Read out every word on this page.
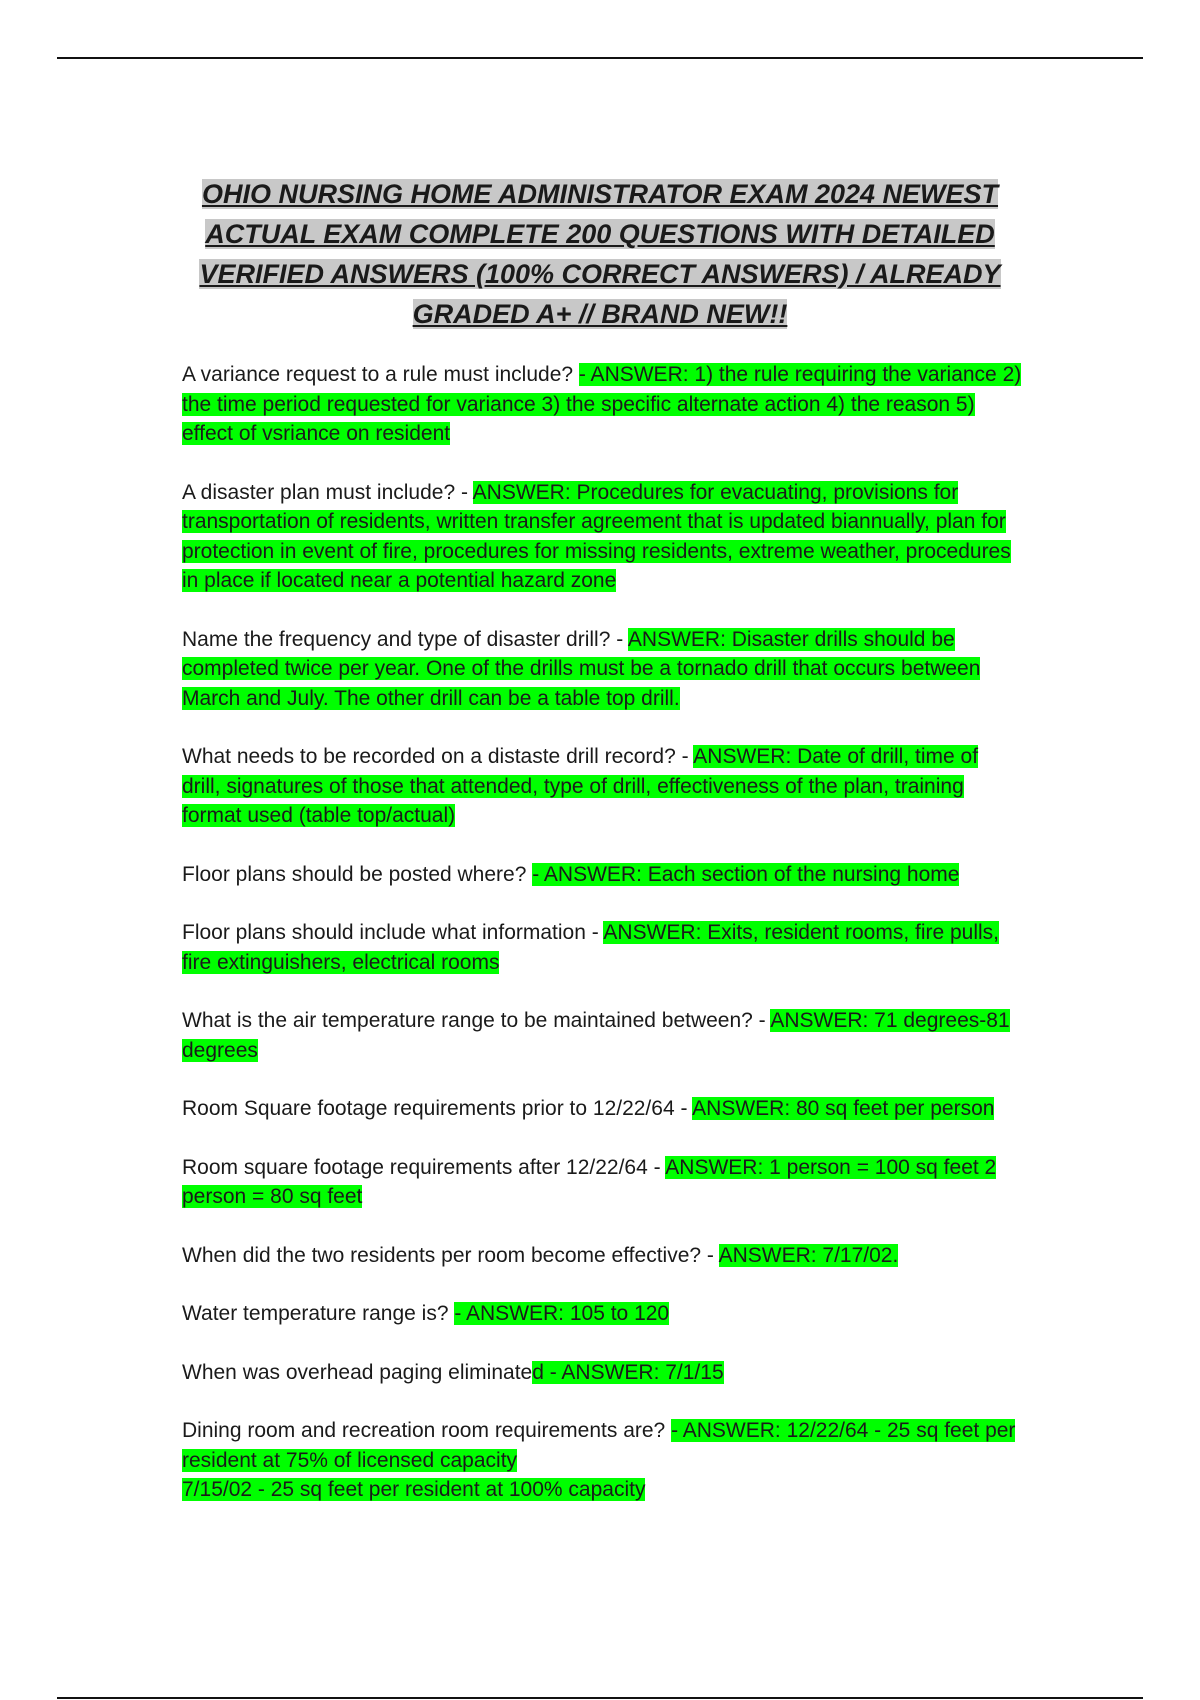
OHIO NURSING HOME ADMINISTRATOR EXAM 2024 NEWEST ACTUAL EXAM COMPLETE 200 QUESTIONS WITH DETAILED VERIFIED ANSWERS (100% CORRECT ANSWERS) / ALREADY GRADED A+ // BRAND NEW!!

A variance request to a rule must include? - ANSWER: 1) the rule requiring the variance 2) the time period requested for variance 3) the specific alternate action 4) the reason 5) effect of vsriance on resident

A disaster plan must include? - ANSWER: Procedures for evacuating, provisions for transportation of residents, written transfer agreement that is updated biannually, plan for protection in event of fire, procedures for missing residents, extreme weather, procedures in place if located near a potential hazard zone

Name the frequency and type of disaster drill? - ANSWER: Disaster drills should be completed twice per year. One of the drills must be a tornado drill that occurs between March and July. The other drill can be a table top drill.

What needs to be recorded on a distaste drill record? - ANSWER: Date of drill, time of drill, signatures of those that attended, type of drill, effectiveness of the plan, training format used (table top/actual)

Floor plans should be posted where? - ANSWER: Each section of the nursing home

Floor plans should include what information - ANSWER: Exits, resident rooms, fire pulls, fire extinguishers, electrical rooms

What is the air temperature range to be maintained between? - ANSWER: 71 degrees-81 degrees

Room Square footage requirements prior to 12/22/64 - ANSWER: 80 sq feet per person

Room square footage requirements after 12/22/64 - ANSWER: 1 person = 100 sq feet 2 person = 80 sq feet

When did the two residents per room become effective? - ANSWER: 7/17/02.

Water temperature range is? - ANSWER: 105 to 120

When was overhead paging eliminated - ANSWER: 7/1/15

Dining room and recreation room requirements are? - ANSWER: 12/22/64 - 25 sq feet per resident at 75% of licensed capacity
7/15/02 - 25 sq feet per resident at 100% capacity
